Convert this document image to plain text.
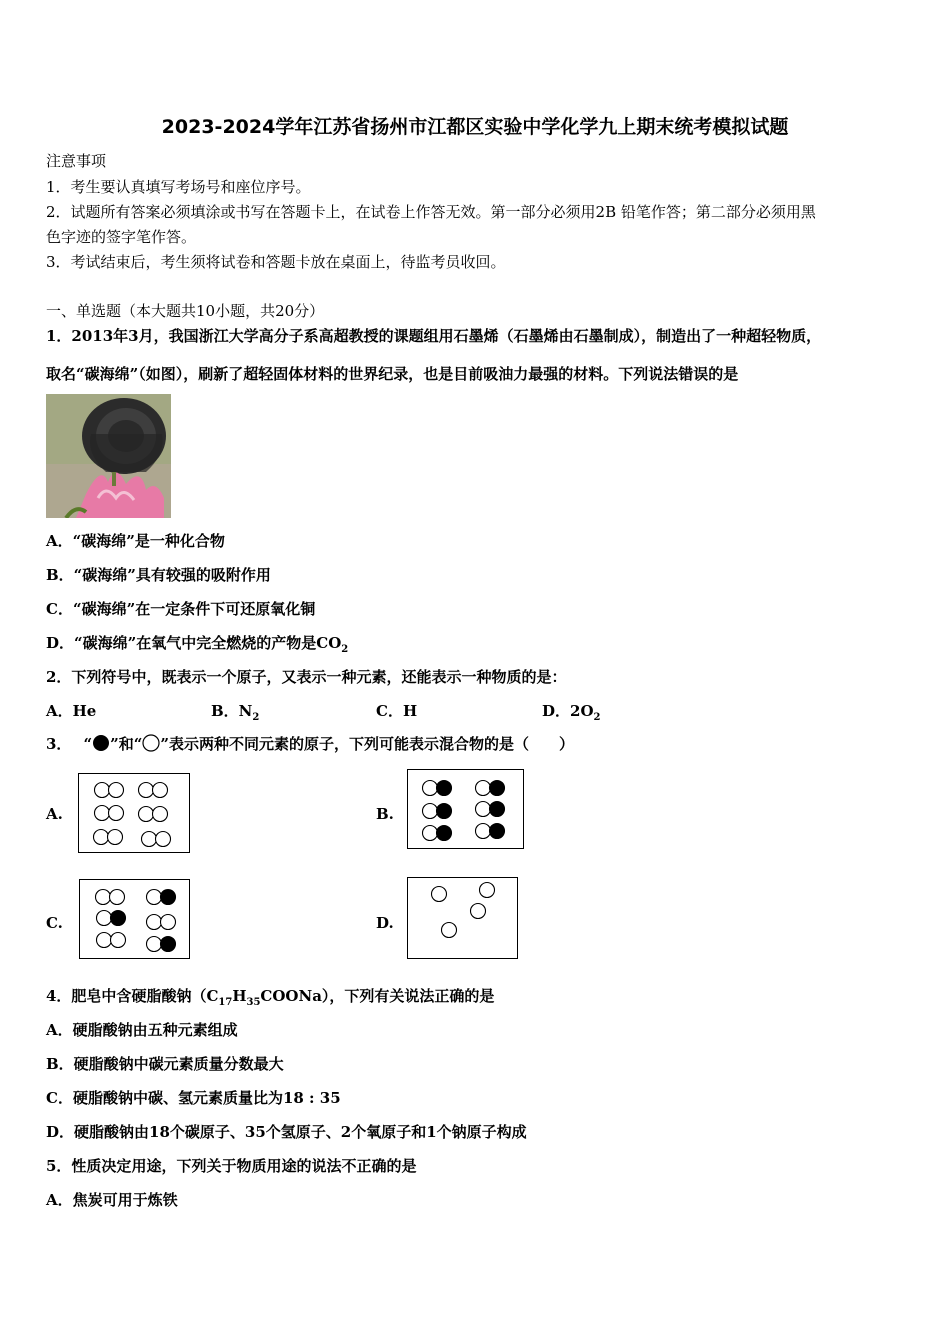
2023-2024学年江苏省扬州市江都区实验中学化学九上期末统考模拟试题
注意事项
1．考生要认真填写考场号和座位序号。
2．试题所有答案必须填涂或书写在答题卡上，在试卷上作答无效。第一部分必须用2B 铅笔作答；第二部分必须用黑
色字迹的签字笔作答。
3．考试结束后，考生须将试卷和答题卡放在桌面上，待监考员收回。
一、单选题（本大题共10小题，共20分）
1．2013年3月，我国浙江大学高分子系高超教授的课题组用石墨烯（石墨烯由石墨制成），制造出了一种超轻物质，
取名“碳海绵”（如图），刷新了超轻固体材料的世界纪录，也是目前吸油力最强的材料。下列说法错误的是
A．“碳海绵”是一种化合物
B．“碳海绵”具有较强的吸附作用
C．“碳海绵”在一定条件下可还原氧化铜
D．“碳海绵”在氧气中完全燃烧的产物是$CO_2$
2．下列符号中，既表示一个原子，又表示一种元素，还能表示一种物质的是：
A．He	B．$N_2$	C．H	D．$2O_2$
3． “ ”和“ ”表示两种不同元素的原子，下列可能表示混合物的是（　　）
A.	B.
C.	D.
4．肥皂中含硬脂酸钠$(C_{17}H_{35}COONa)$，下列有关说法正确的是
A．硬脂酸钠由五种元素组成
B．硬脂酸钠中碳元素质量分数最大
C．硬脂酸钠中碳、氢元素质量比为18 : 35
D．硬脂酸钠由18个碳原子、35个氢原子、2个氧原子和1个钠原子构成
5．性质决定用途，下列关于物质用途的说法不正确的是
A．焦炭可用于炼铁
